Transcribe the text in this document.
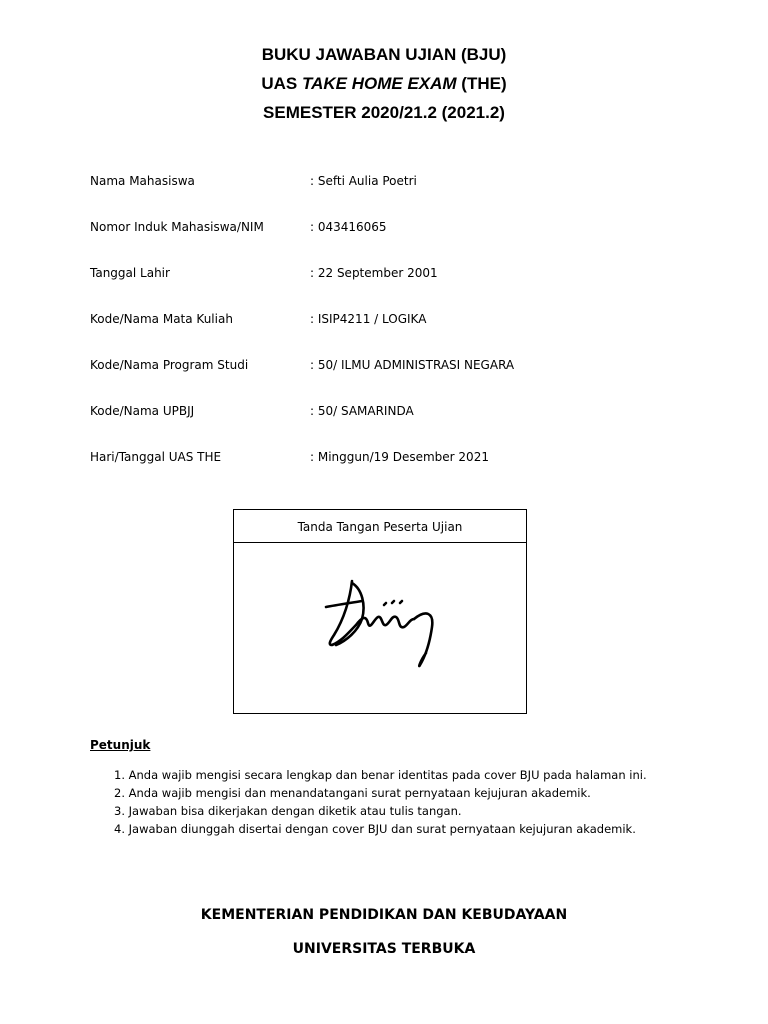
BUKU JAWABAN UJIAN (BJU)
UAS TAKE HOME EXAM (THE)
SEMESTER 2020/21.2 (2021.2)
Nama Mahasiswa	: Sefti Aulia Poetri
Nomor Induk Mahasiswa/NIM	: 043416065
Tanggal Lahir	: 22 September 2001
Kode/Nama Mata Kuliah	: ISIP4211 / LOGIKA
Kode/Nama Program Studi	: 50/ ILMU ADMINISTRASI NEGARA
Kode/Nama UPBJJ	: 50/ SAMARINDA
Hari/Tanggal UAS THE	: Minggun/19 Desember 2021
Tanda Tangan Peserta Ujian
Petunjuk
1. Anda wajib mengisi secara lengkap dan benar identitas pada cover BJU pada halaman ini.
2. Anda wajib mengisi dan menandatangani surat pernyataan kejujuran akademik.
3. Jawaban bisa dikerjakan dengan diketik atau tulis tangan.
4. Jawaban diunggah disertai dengan cover BJU dan surat pernyataan kejujuran akademik.
KEMENTERIAN PENDIDIKAN DAN KEBUDAYAAN
UNIVERSITAS TERBUKA
